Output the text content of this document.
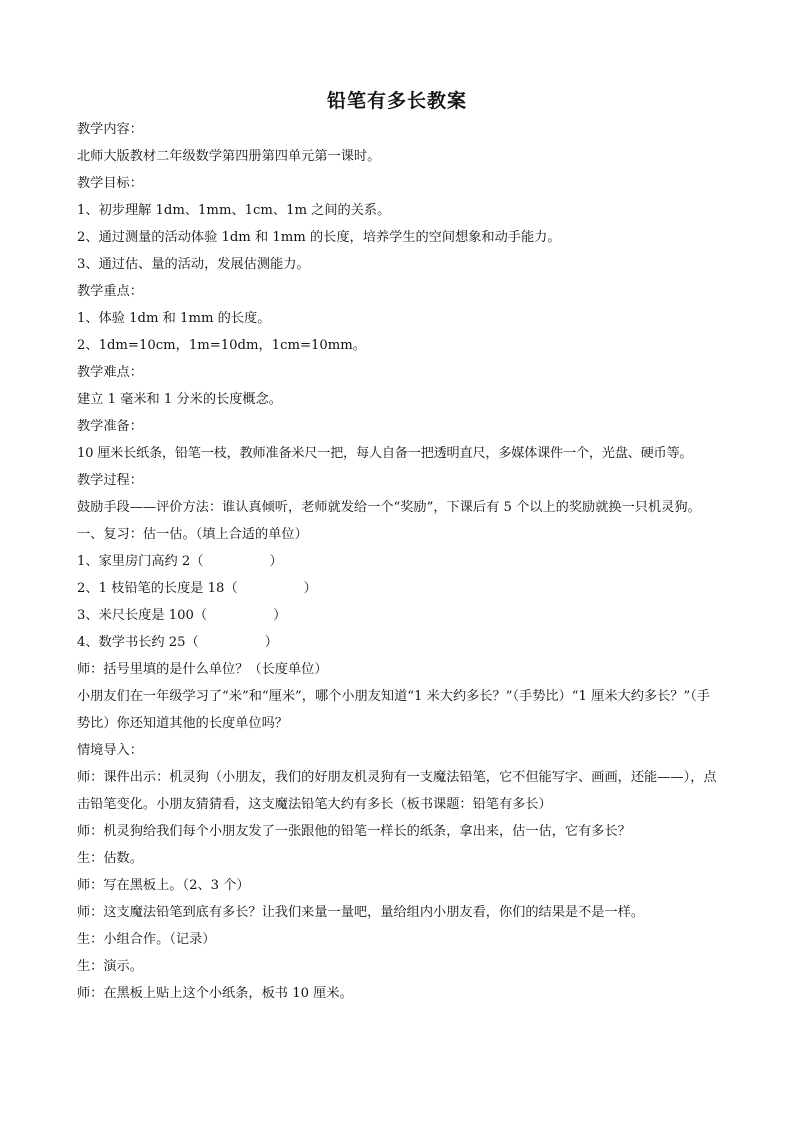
铅笔有多长教案
教学内容：
北师大版教材二年级数学第四册第四单元第一课时。
教学目标：
1、初步理解 1dm、1mm、1cm、1m 之间的关系。
2、通过测量的活动体验 1dm 和 1mm 的长度，培养学生的空间想象和动手能力。
3、通过估、量的活动，发展估测能力。
教学重点：
1、体验 1dm 和 1mm 的长度。
2、1dm=10cm，1m=10dm，1cm=10mm。
教学难点：
建立 1 毫米和 1 分米的长度概念。
教学准备：
10 厘米长纸条，铅笔一枝，教师准备米尺一把，每人自备一把透明直尺，多媒体课件一个，光盘、硬币等。
教学过程：
鼓励手段——评价方法：谁认真倾听，老师就发给一个“奖励”，下课后有 5 个以上的奖励就换一只机灵狗。
一、复习：估一估。（填上合适的单位）
1、家里房门高约 2（	）
2、1 枝铅笔的长度是 18（	）
3、米尺长度是 100（	）
4、数学书长约 25（	）
师：括号里填的是什么单位？（长度单位）
小朋友们在一年级学习了“米”和“厘米”，哪个小朋友知道“1 米大约多长？”（手势比）“1 厘米大约多长？”（手势比）你还知道其他的长度单位吗？
情境导入：
师：课件出示：机灵狗（小朋友，我们的好朋友机灵狗有一支魔法铅笔，它不但能写字、画画，还能——），点击铅笔变化。小朋友猜猜看，这支魔法铅笔大约有多长（板书课题：铅笔有多长）
师：机灵狗给我们每个小朋友发了一张跟他的铅笔一样长的纸条，拿出来，估一估，它有多长？
生：估数。
师：写在黑板上。（2、3 个）
师：这支魔法铅笔到底有多长？让我们来量一量吧，量给组内小朋友看，你们的结果是不是一样。
生：小组合作。（记录）
生：演示。
师：在黑板上贴上这个小纸条，板书 10 厘米。
